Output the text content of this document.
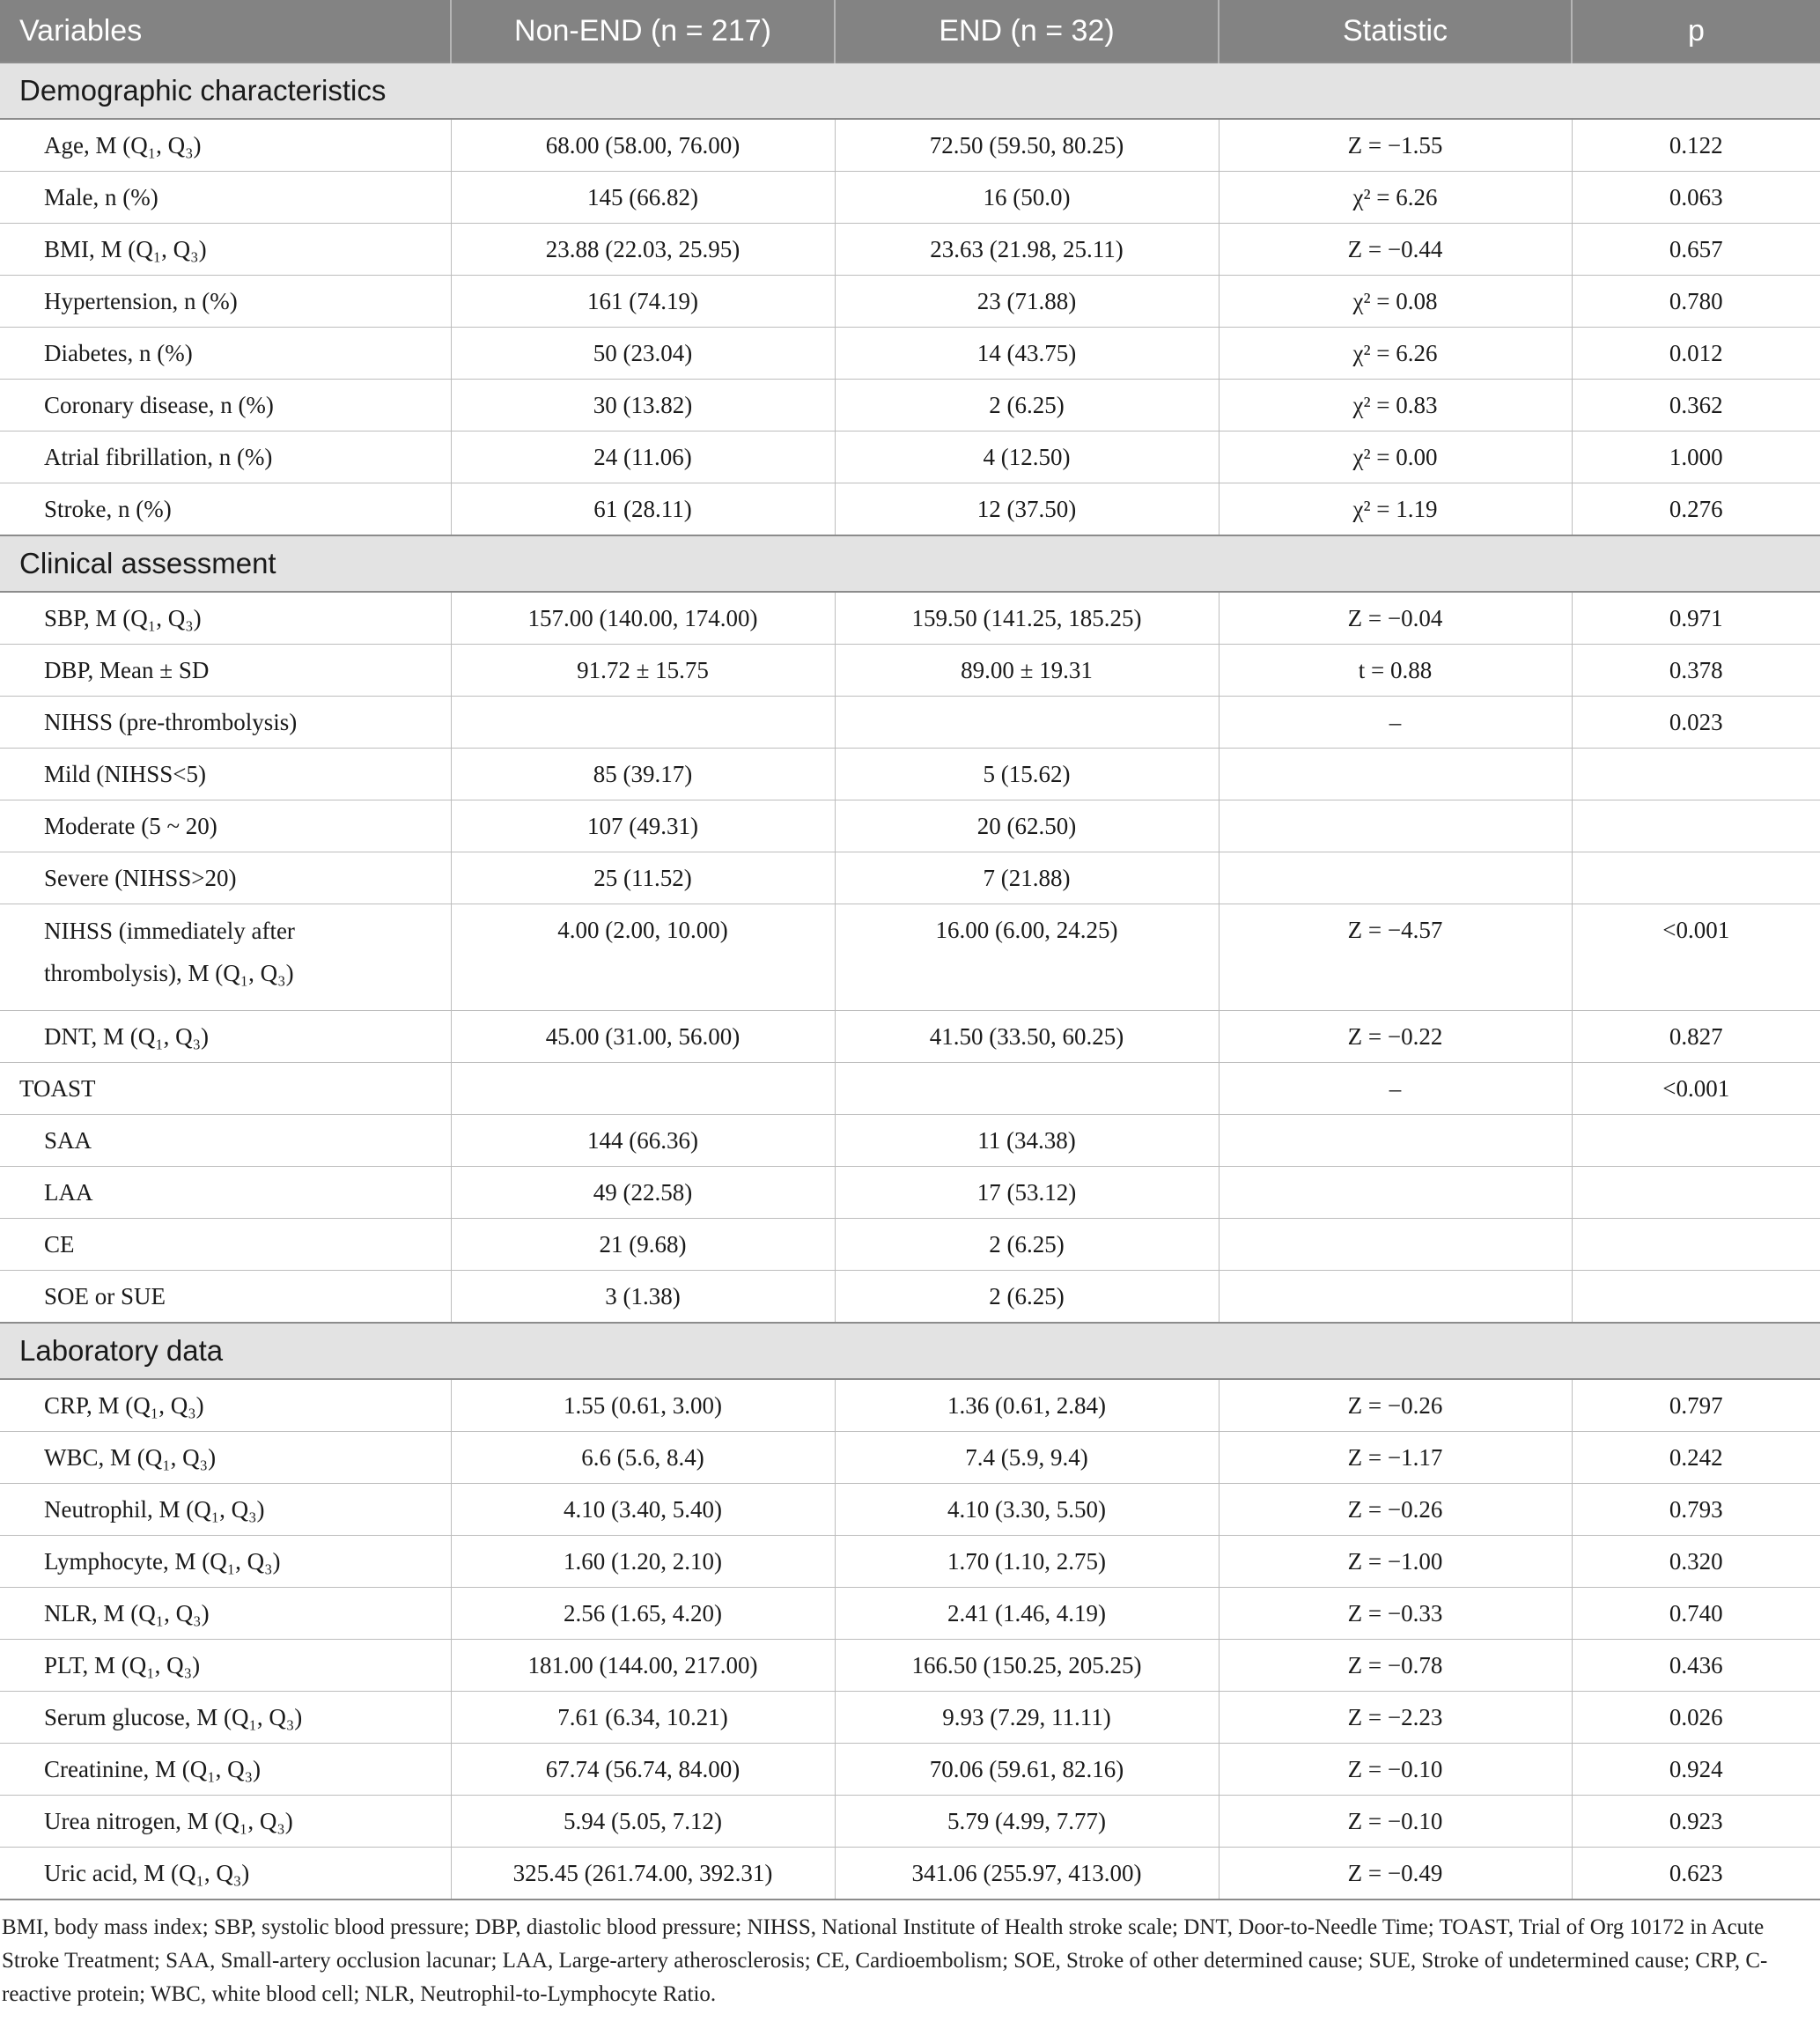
Variables	Non-END (n = 217)	END (n = 32)	Statistic	p
Demographic characteristics				
Age, M (Q₁, Q₃)	68.00 (58.00, 76.00)	72.50 (59.50, 80.25)	Z = −1.55	0.122
Male, n (%)	145 (66.82)	16 (50.0)	χ² = 6.26	0.063
BMI, M (Q₁, Q₃)	23.88 (22.03, 25.95)	23.63 (21.98, 25.11)	Z = −0.44	0.657
Hypertension, n (%)	161 (74.19)	23 (71.88)	χ² = 0.08	0.780
Diabetes, n (%)	50 (23.04)	14 (43.75)	χ² = 6.26	0.012
Coronary disease, n (%)	30 (13.82)	2 (6.25)	χ² = 0.83	0.362
Atrial fibrillation, n (%)	24 (11.06)	4 (12.50)	χ² = 0.00	1.000
Stroke, n (%)	61 (28.11)	12 (37.50)	χ² = 1.19	0.276
Clinical assessment				
SBP, M (Q₁, Q₃)	157.00 (140.00, 174.00)	159.50 (141.25, 185.25)	Z = −0.04	0.971
DBP, Mean ± SD	91.72 ± 15.75	89.00 ± 19.31	t = 0.88	0.378
NIHSS (pre-thrombolysis)			–	0.023
Mild (NIHSS<5)	85 (39.17)	5 (15.62)		
Moderate (5 ~ 20)	107 (49.31)	20 (62.50)		
Severe (NIHSS>20)	25 (11.52)	7 (21.88)		

NIHSS (immediately after
thrombolysis), M (Q₁, Q₃)	4.00 (2.00, 10.00)	16.00 (6.00, 24.25)	Z = −4.57	<0.001
DNT, M (Q₁, Q₃)	45.00 (31.00, 56.00)	41.50 (33.50, 60.25)	Z = −0.22	0.827
TOAST			–	<0.001
SAA	144 (66.36)	11 (34.38)		
LAA	49 (22.58)	17 (53.12)		
CE	21 (9.68)	2 (6.25)		
SOE or SUE	3 (1.38)	2 (6.25)		
Laboratory data				
CRP, M (Q₁, Q₃)	1.55 (0.61, 3.00)	1.36 (0.61, 2.84)	Z = −0.26	0.797
WBC, M (Q₁, Q₃)	6.6 (5.6, 8.4)	7.4 (5.9, 9.4)	Z = −1.17	0.242
Neutrophil, M (Q₁, Q₃)	4.10 (3.40, 5.40)	4.10 (3.30, 5.50)	Z = −0.26	0.793
Lymphocyte, M (Q₁, Q₃)	1.60 (1.20, 2.10)	1.70 (1.10, 2.75)	Z = −1.00	0.320
NLR, M (Q₁, Q₃)	2.56 (1.65, 4.20)	2.41 (1.46, 4.19)	Z = −0.33	0.740
PLT, M (Q₁, Q₃)	181.00 (144.00, 217.00)	166.50 (150.25, 205.25)	Z = −0.78	0.436
Serum glucose, M (Q₁, Q₃)	7.61 (6.34, 10.21)	9.93 (7.29, 11.11)	Z = −2.23	0.026
Creatinine, M (Q₁, Q₃)	67.74 (56.74, 84.00)	70.06 (59.61, 82.16)	Z = −0.10	0.924
Urea nitrogen, M (Q₁, Q₃)	5.94 (5.05, 7.12)	5.79 (4.99, 7.77)	Z = −0.10	0.923
Uric acid, M (Q₁, Q₃)	325.45 (261.74.00, 392.31)	341.06 (255.97, 413.00)	Z = −0.49	0.623

BMI, body mass index; SBP, systolic blood pressure; DBP, diastolic blood pressure; NIHSS, National Institute of Health stroke scale; DNT, Door-to-Needle Time; TOAST, Trial of Org 10172 in Acute Stroke Treatment; SAA, Small-artery occlusion lacunar; LAA, Large-artery atherosclerosis; CE, Cardioembolism; SOE, Stroke of other determined cause; SUE, Stroke of undetermined cause; CRP, C-reactive protein; WBC, white blood cell; NLR, Neutrophil-to-Lymphocyte Ratio.
